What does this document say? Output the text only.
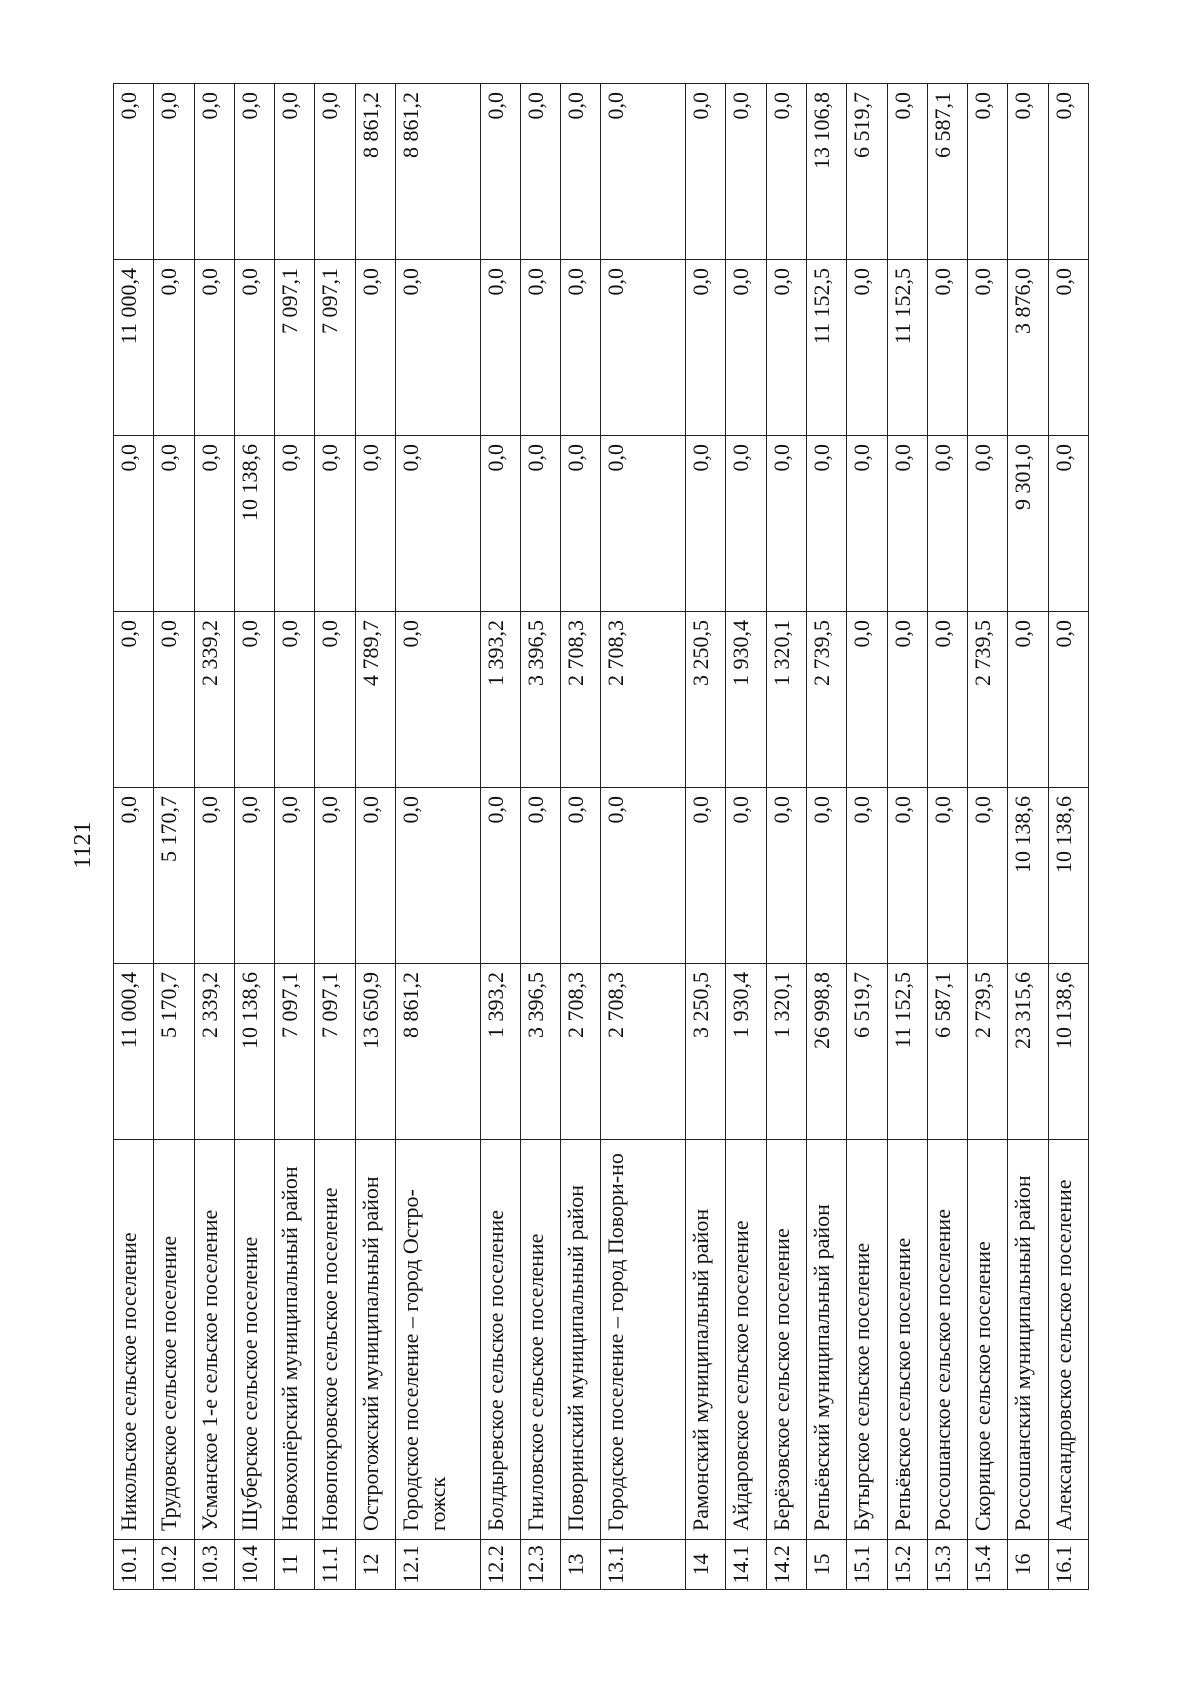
1121
10.1	Никольское сельское поселение	11 000,4	0,0	0,0	0,0	11 000,4	0,0
10.2	Трудовское сельское поселение	5 170,7	5 170,7	0,0	0,0	0,0	0,0
10.3	Усманское 1-е сельское поселение	2 339,2	0,0	2 339,2	0,0	0,0	0,0
10.4	Шуберское сельское поселение	10 138,6	0,0	0,0	10 138,6	0,0	0,0
11	Новохопёрский муниципальный район	7 097,1	0,0	0,0	0,0	7 097,1	0,0
11.1	Новопокровское сельское поселение	7 097,1	0,0	0,0	0,0	7 097,1	0,0
12	Острогожский муниципальный район	13 650,9	0,0	4 789,7	0,0	0,0	8 861,2
12.1	Городское поселение – город Остро-гожск	8 861,2	0,0	0,0	0,0	0,0	8 861,2
12.2	Болдыревское сельское поселение	1 393,2	0,0	1 393,2	0,0	0,0	0,0
12.3	Гниловское сельское поселение	3 396,5	0,0	3 396,5	0,0	0,0	0,0
13	Поворинский муниципальный район	2 708,3	0,0	2 708,3	0,0	0,0	0,0
13.1	Городское поселение – город Повори-но	2 708,3	0,0	2 708,3	0,0	0,0	0,0
14	Рамонский муниципальный район	3 250,5	0,0	3 250,5	0,0	0,0	0,0
14.1	Айдаровское сельское поселение	1 930,4	0,0	1 930,4	0,0	0,0	0,0
14.2	Берёзовское сельское поселение	1 320,1	0,0	1 320,1	0,0	0,0	0,0
15	Репьёвский муниципальный район	26 998,8	0,0	2 739,5	0,0	11 152,5	13 106,8
15.1	Бутырское сельское поселение	6 519,7	0,0	0,0	0,0	0,0	6 519,7
15.2	Репьёвское сельское поселение	11 152,5	0,0	0,0	0,0	11 152,5	0,0
15.3	Россошанское сельское поселение	6 587,1	0,0	0,0	0,0	0,0	6 587,1
15.4	Скорицкое сельское поселение	2 739,5	0,0	2 739,5	0,0	0,0	0,0
16	Россошанский муниципальный район	23 315,6	10 138,6	0,0	9 301,0	3 876,0	0,0
16.1	Александровское сельское поселение	10 138,6	10 138,6	0,0	0,0	0,0	0,0
